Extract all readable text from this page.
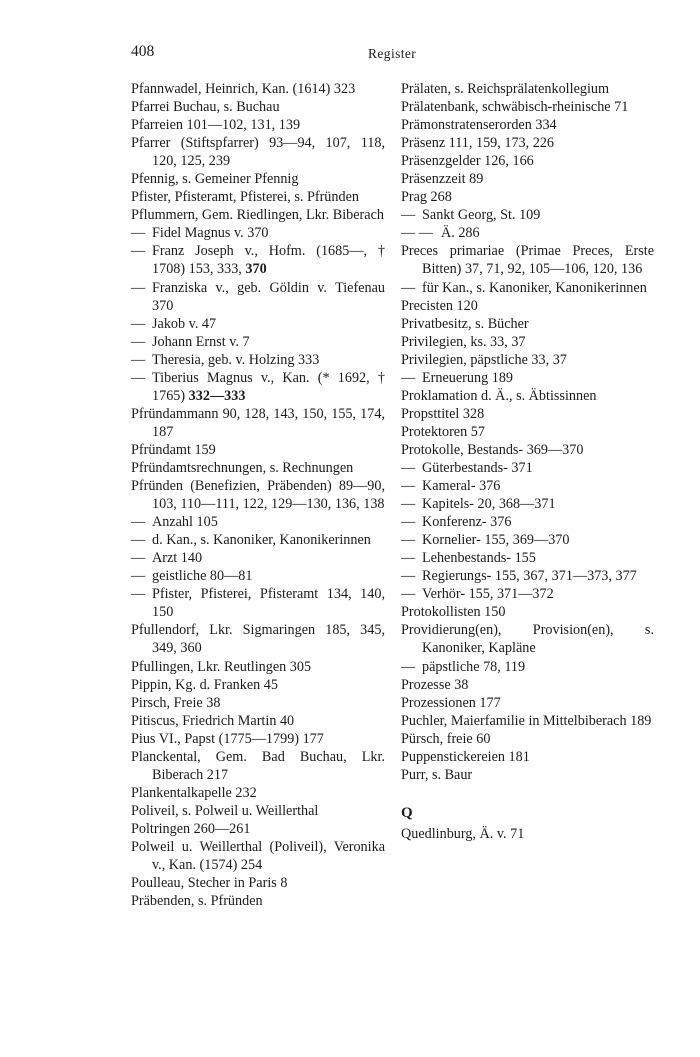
408	Register
Pfannwadel, Heinrich, Kan. (1614) 323
Pfarrei Buchau, s. Buchau
Pfarreien 101—102, 131, 139
Pfarrer (Stiftspfarrer) 93—94, 107, 118, 120, 125, 239
Pfennig, s. Gemeiner Pfennig
Pfister, Pfisteramt, Pfisterei, s. Pfründen
Pflummern, Gem. Riedlingen, Lkr. Biberach
— Fidel Magnus v. 370
— Franz Joseph v., Hofm. (1685—, † 1708) 153, 333, 370
— Franziska v., geb. Göldin v. Tiefenau 370
— Jakob v. 47
— Johann Ernst v. 7
— Theresia, geb. v. Holzing 333
— Tiberius Magnus v., Kan. (* 1692, † 1765) 332—333
Pfründammann 90, 128, 143, 150, 155, 174, 187
Pfründamt 159
Pfründamtsrechnungen, s. Rechnungen
Pfründen (Benefizien, Präbenden) 89—90, 103, 110—111, 122, 129—130, 136, 138
— Anzahl 105
— d. Kan., s. Kanoniker, Kanonikerinnen
— Arzt 140
— geistliche 80—81
— Pfister, Pfisterei, Pfisteramt 134, 140, 150
Pfullendorf, Lkr. Sigmaringen 185, 345, 349, 360
Pfullingen, Lkr. Reutlingen 305
Pippin, Kg. d. Franken 45
Pirsch, Freie 38
Pitiscus, Friedrich Martin 40
Pius VI., Papst (1775—1799) 177
Planckental, Gem. Bad Buchau, Lkr. Biberach 217
Plankentalkapelle 232
Poliveil, s. Polweil u. Weillerthal
Poltringen 260—261
Polweil u. Weillerthal (Poliveil), Veronika v., Kan. (1574) 254
Poulleau, Stecher in Paris 8
Präbenden, s. Pfründen
Prälaten, s. Reichsprälatenkollegium
Prälatenbank, schwäbisch-rheinische 71
Prämonstratenserorden 334
Präsenz 111, 159, 173, 226
Präsenzgelder 126, 166
Präsenzzeit 89
Prag 268
— Sankt Georg, St. 109
— — Ä. 286
Preces primariae (Primae Preces, Erste Bitten) 37, 71, 92, 105—106, 120, 136
— für Kan., s. Kanoniker, Kanonikerinnen
Precisten 120
Privatbesitz, s. Bücher
Privilegien, ks. 33, 37
Privilegien, päpstliche 33, 37
— Erneuerung 189
Proklamation d. Ä., s. Äbtissinnen
Propsttitel 328
Protektoren 57
Protokolle, Bestands- 369—370
— Güterbestands- 371
— Kameral- 376
— Kapitels- 20, 368—371
— Konferenz- 376
— Kornelier- 155, 369—370
— Lehenbestands- 155
— Regierungs- 155, 367, 371—373, 377
— Verhör- 155, 371—372
Protokollisten 150
Providierung(en), Provision(en), s. Kanoniker, Kapläne
— päpstliche 78, 119
Prozesse 38
Prozessionen 177
Puchler, Maierfamilie in Mittelbiberach 189
Pürsch, freie 60
Puppenstickereien 181
Purr, s. Baur
Q
Quedlinburg, Ä. v. 71
